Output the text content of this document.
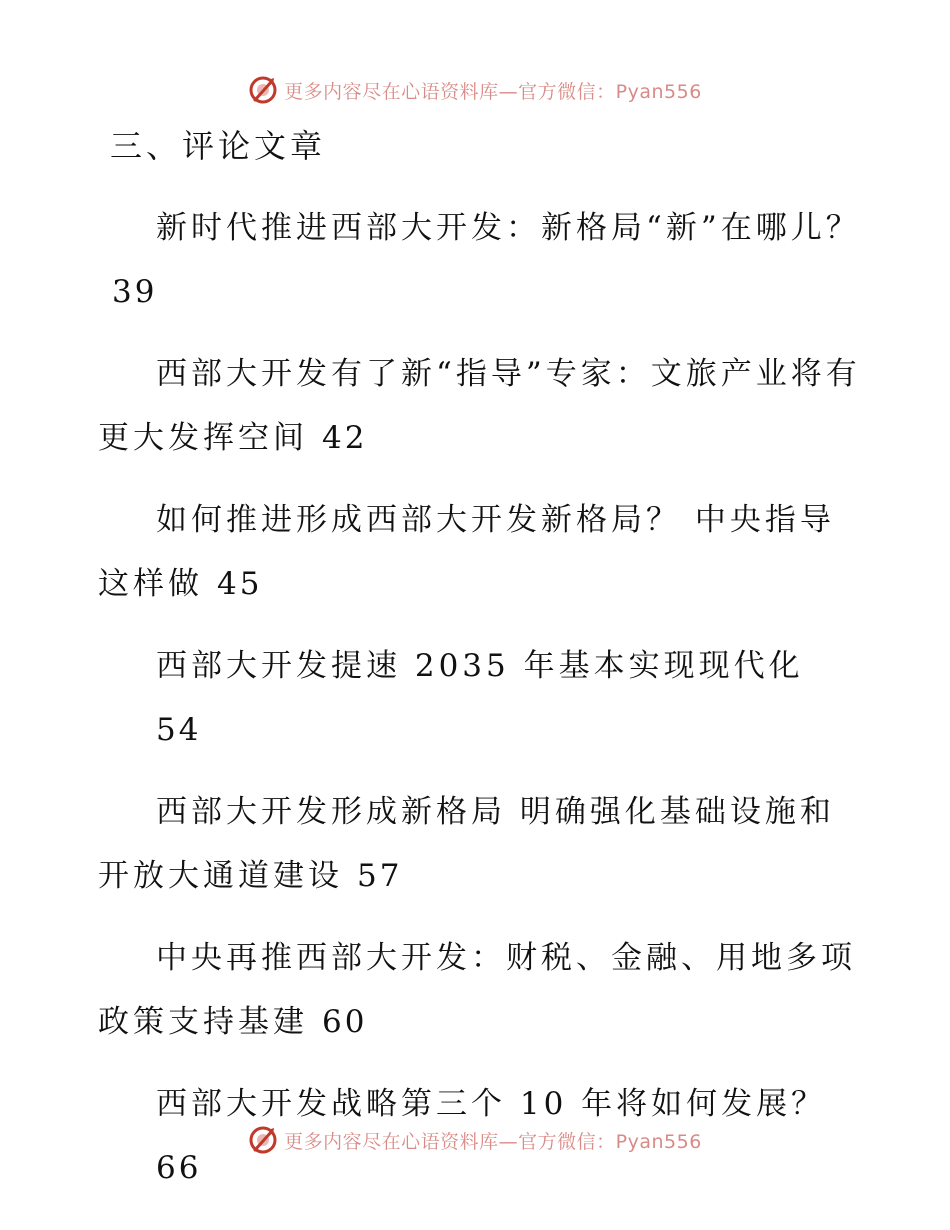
更多内容尽在心语资料库—官方微信：Pyan556
三、评论文章
新时代推进西部大开发：新格局“新”在哪儿？39
西部大开发有了新“指导”专家：文旅产业将有更大发挥空间 42
如何推进形成西部大开发新格局？ 中央指导这样做 45
西部大开发提速 2035 年基本实现现代化
54
西部大开发形成新格局 明确强化基础设施和开放大通道建设 57
中央再推西部大开发：财税、金融、用地多项政策支持基建 60
西部大开发战略第三个 10 年将如何发展？
66
更多内容尽在心语资料库—官方微信：Pyan556
